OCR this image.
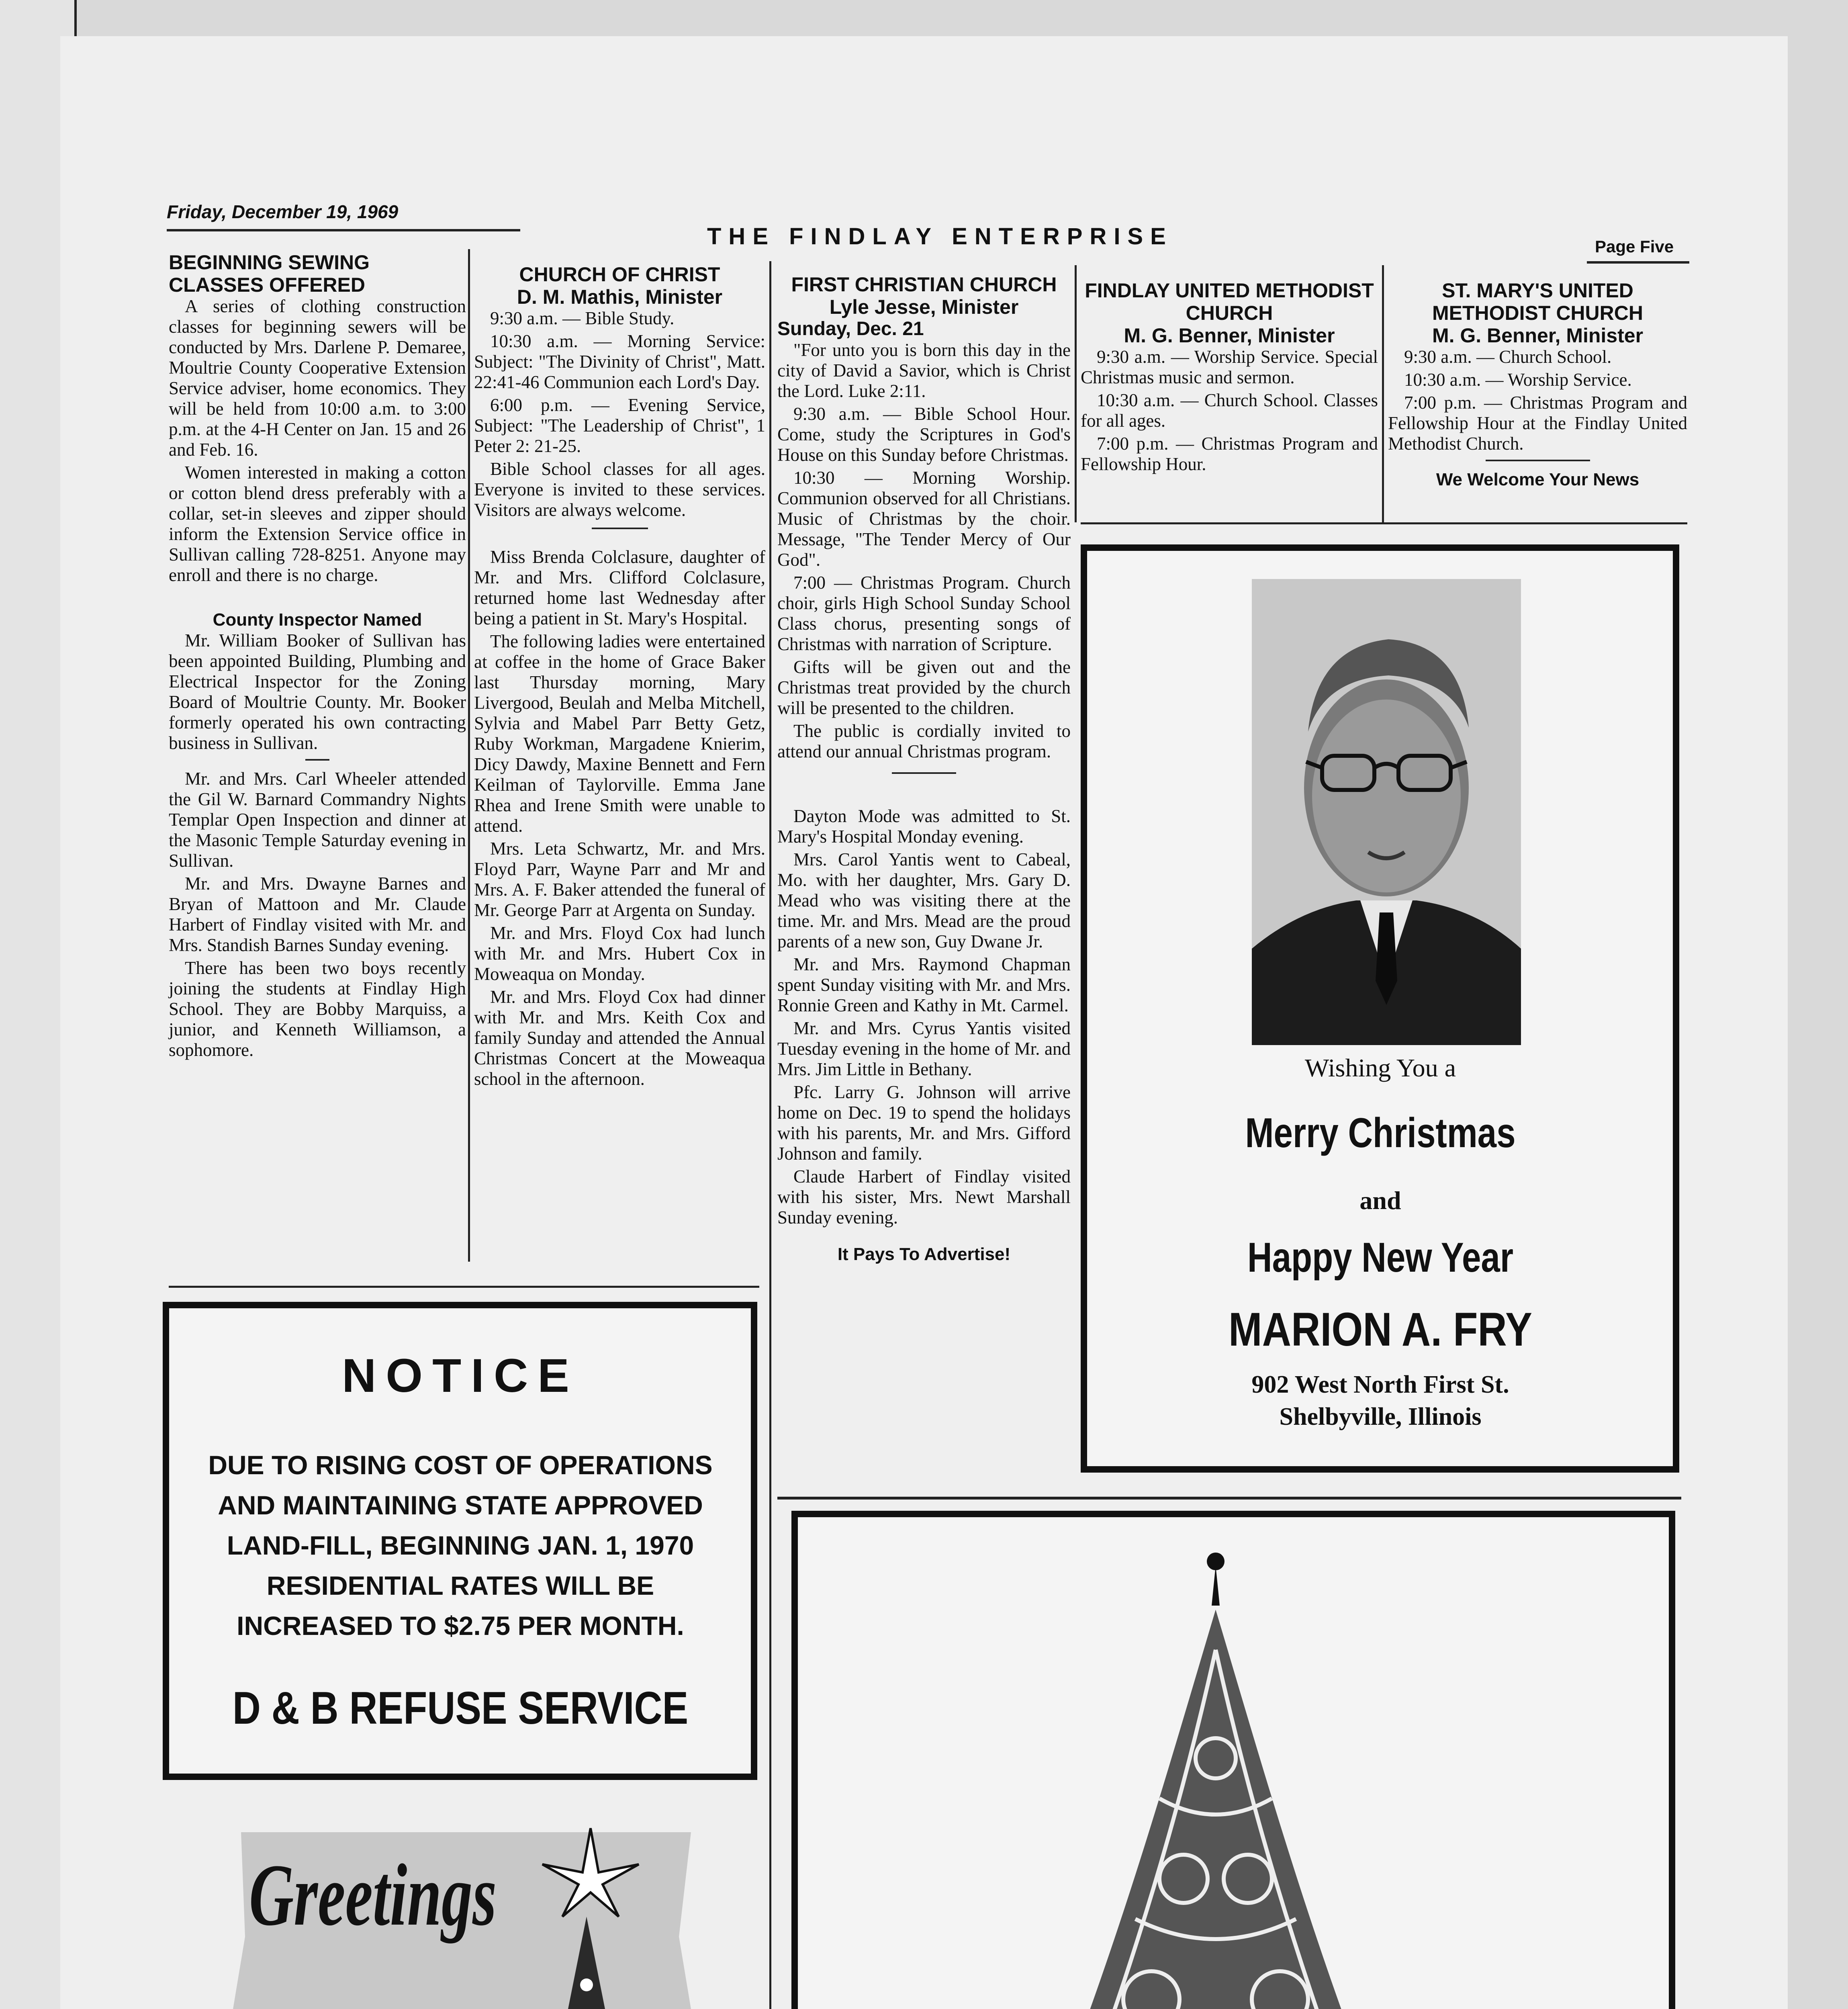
Friday, December 19, 1969
THE FINDLAY ENTERPRISE	Page Five
BEGINNING SEWING CLASSES OFFERED

A series of clothing construction classes for beginning sewers will be conducted by Mrs. Darlene P. Demaree, Moultrie County Cooperative Extension Service adviser, home economics. They will be held from 10:00 a.m. to 3:00 p.m. at the 4-H Center on Jan. 15 and 26 and Feb. 16.

Women interested in making a cotton or cotton blend dress preferably with a collar, set-in sleeves and zipper should inform the Extension Service office in Sullivan calling 728-8251. Anyone may enroll and there is no charge.

County Inspector Named

Mr. William Booker of Sullivan has been appointed Building, Plumbing and Electrical Inspector for the Zoning Board of Moultrie County. Mr. Booker formerly operated his own contracting business in Sullivan.

Mr. and Mrs. Carl Wheeler attended the Gil W. Barnard Commandry Nights Templar Open Inspection and dinner at the Masonic Temple Saturday evening in Sullivan.

Mr. and Mrs. Dwayne Barnes and Bryan of Mattoon and Mr. Claude Harbert of Findlay visited with Mr. and Mrs. Standish Barnes Sunday evening.

There has been two boys recently joining the students at Findlay High School. They are Bobby Marquiss, a junior, and Kenneth Williamson, a sophomore.

CHURCH OF CHRIST
D. M. Mathis, Minister

9:30 a.m. — Bible Study.

10:30 a.m. — Morning Service: Subject: "The Divinity of Christ", Matt. 22:41-46 Communion each Lord's Day.

6:00 p.m. — Evening Service, Subject: "The Leadership of Christ", 1 Peter 2: 21-25.

Bible School classes for all ages. Everyone is invited to these services. Visitors are always welcome.

Miss Brenda Colclasure, daughter of Mr. and Mrs. Clifford Colclasure, returned home last Wednesday after being a patient in St. Mary's Hospital.

The following ladies were entertained at coffee in the home of Grace Baker last Thursday morning, Mary Livergood, Beulah and Melba Mitchell, Sylvia and Mabel Parr Betty Getz, Ruby Workman, Margadene Knierim, Dicy Dawdy, Maxine Bennett and Fern Keilman of Taylorville. Emma Jane Rhea and Irene Smith were unable to attend.

Mrs. Leta Schwartz, Mr. and Mrs. Floyd Parr, Wayne Parr and Mr and Mrs. A. F. Baker attended the funeral of Mr. George Parr at Argenta on Sunday.

Mr. and Mrs. Floyd Cox had lunch with Mr. and Mrs. Hubert Cox in Moweaqua on Monday.

Mr. and Mrs. Floyd Cox had dinner with Mr. and Mrs. Keith Cox and family Sunday and attended the Annual Christmas Concert at the Moweaqua school in the afternoon.

FIRST CHRISTIAN CHURCH
Lyle Jesse, Minister
Sunday, Dec. 21

"For unto you is born this day in the city of David a Savior, which is Christ the Lord. Luke 2:11.

9:30 a.m. — Bible School Hour. Come, study the Scriptures in God's House on this Sunday before Christmas.

10:30 — Morning Worship. Communion observed for all Christians. Music of Christmas by the choir. Message, "The Tender Mercy of Our God".

7:00 — Christmas Program. Church choir, girls High School Sunday School Class chorus, presenting songs of Christmas with narration of Scripture.

Gifts will be given out and the Christmas treat provided by the church will be presented to the children.

The public is cordially invited to attend our annual Christmas program.

Dayton Mode was admitted to St. Mary's Hospital Monday evening.

Mrs. Carol Yantis went to Cabeal, Mo. with her daughter, Mrs. Gary D. Mead who was visiting there at the time. Mr. and Mrs. Mead are the proud parents of a new son, Guy Dwane Jr.

Mr. and Mrs. Raymond Chapman spent Sunday visiting with Mr. and Mrs. Ronnie Green and Kathy in Mt. Carmel.

Mr. and Mrs. Cyrus Yantis visited Tuesday evening in the home of Mr. and Mrs. Jim Little in Bethany.

Pfc. Larry G. Johnson will arrive home on Dec. 19 to spend the holidays with his parents, Mr. and Mrs. Gifford Johnson and family.

Claude Harbert of Findlay visited with his sister, Mrs. Newt Marshall Sunday evening.

It Pays To Advertise!
FINDLAY UNITED METHODIST CHURCH
M. G. Benner, Minister

9:30 a.m. — Worship Service. Special Christmas music and sermon.

10:30 a.m. — Church School. Classes for all ages.

7:00 p.m. — Christmas Program and Fellowship Hour.

ST. MARY'S UNITED METHODIST CHURCH
M. G. Benner, Minister

9:30 a.m. — Church School.

10:30 a.m. — Worship Service.

7:00 p.m. — Christmas Program and Fellowship Hour at the Findlay United Methodist Church.

We Welcome Your News
Wishing You a
Merry Christmas
and
Happy New Year
MARION A. FRY
902 West North First St.
Shelbyville, Illinois
NOTICE
DUE TO RISING COST OF OPERATIONS
AND MAINTAINING STATE APPROVED
LAND-FILL, BEGINNING JAN. 1, 1970
RESIDENTIAL RATES WILL BE
INCREASED TO $2.75 PER MONTH.
D & B REFUSE SERVICE
Greetings
